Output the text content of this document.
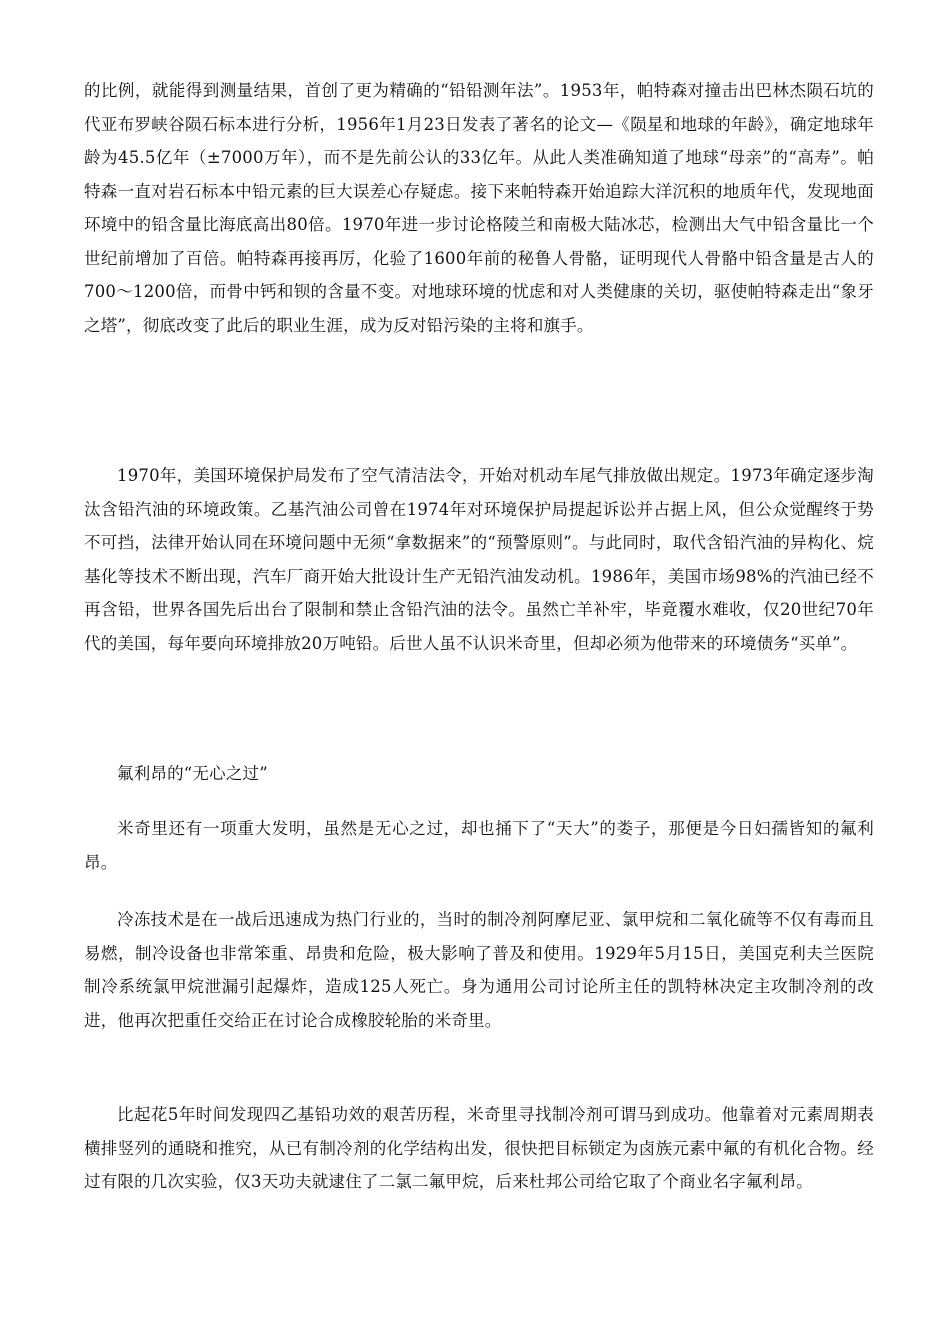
的比例，就能得到测量结果，首创了更为精确的“铅铅测年法”。1953年，帕特森对撞击出巴林杰陨石坑的代亚布罗峡谷陨石标本进行分析，1956年1月23日发表了著名的论文—《陨星和地球的年龄》，确定地球年龄为45.5亿年（±7000万年），而不是先前公认的33亿年。从此人类准确知道了地球“母亲”的“高寿”。帕特森一直对岩石标本中铅元素的巨大误差心存疑虑。接下来帕特森开始追踪大洋沉积的地质年代，发现地面环境中的铅含量比海底高出80倍。1970年进一步讨论格陵兰和南极大陆冰芯，检测出大气中铅含量比一个世纪前增加了百倍。帕特森再接再厉，化验了1600年前的秘鲁人骨骼，证明现代人骨骼中铅含量是古人的700～1200倍，而骨中钙和钡的含量不变。对地球环境的忧虑和对人类健康的关切，驱使帕特森走出“象牙之塔”，彻底改变了此后的职业生涯，成为反对铅污染的主将和旗手。

1970年，美国环境保护局发布了空气清洁法令，开始对机动车尾气排放做出规定。1973年确定逐步淘汰含铅汽油的环境政策。乙基汽油公司曾在1974年对环境保护局提起诉讼并占据上风，但公众觉醒终于势不可挡，法律开始认同在环境问题中无须“拿数据来”的“预警原则”。与此同时，取代含铅汽油的异构化、烷基化等技术不断出现，汽车厂商开始大批设计生产无铅汽油发动机。1986年，美国市场98%的汽油已经不再含铅，世界各国先后出台了限制和禁止含铅汽油的法令。虽然亡羊补牢，毕竟覆水难收，仅20世纪70年代的美国，每年要向环境排放20万吨铅。后世人虽不认识米奇里，但却必须为他带来的环境债务“买单”。

氟利昂的“无心之过”

米奇里还有一项重大发明，虽然是无心之过，却也捅下了“天大”的娄子，那便是今日妇孺皆知的氟利昂。

冷冻技术是在一战后迅速成为热门行业的，当时的制冷剂阿摩尼亚、氯甲烷和二氧化硫等不仅有毒而且易燃，制冷设备也非常笨重、昂贵和危险，极大影响了普及和使用。1929年5月15日，美国克利夫兰医院制冷系统氯甲烷泄漏引起爆炸，造成125人死亡。身为通用公司讨论所主任的凯特林决定主攻制冷剂的改进，他再次把重任交给正在讨论合成橡胶轮胎的米奇里。

比起花5年时间发现四乙基铅功效的艰苦历程，米奇里寻找制冷剂可谓马到成功。他靠着对元素周期表横排竖列的通晓和推究，从已有制冷剂的化学结构出发，很快把目标锁定为卤族元素中氟的有机化合物。经过有限的几次实验，仅3天功夫就逮住了二氯二氟甲烷，后来杜邦公司给它取了个商业名字氟利昂。
